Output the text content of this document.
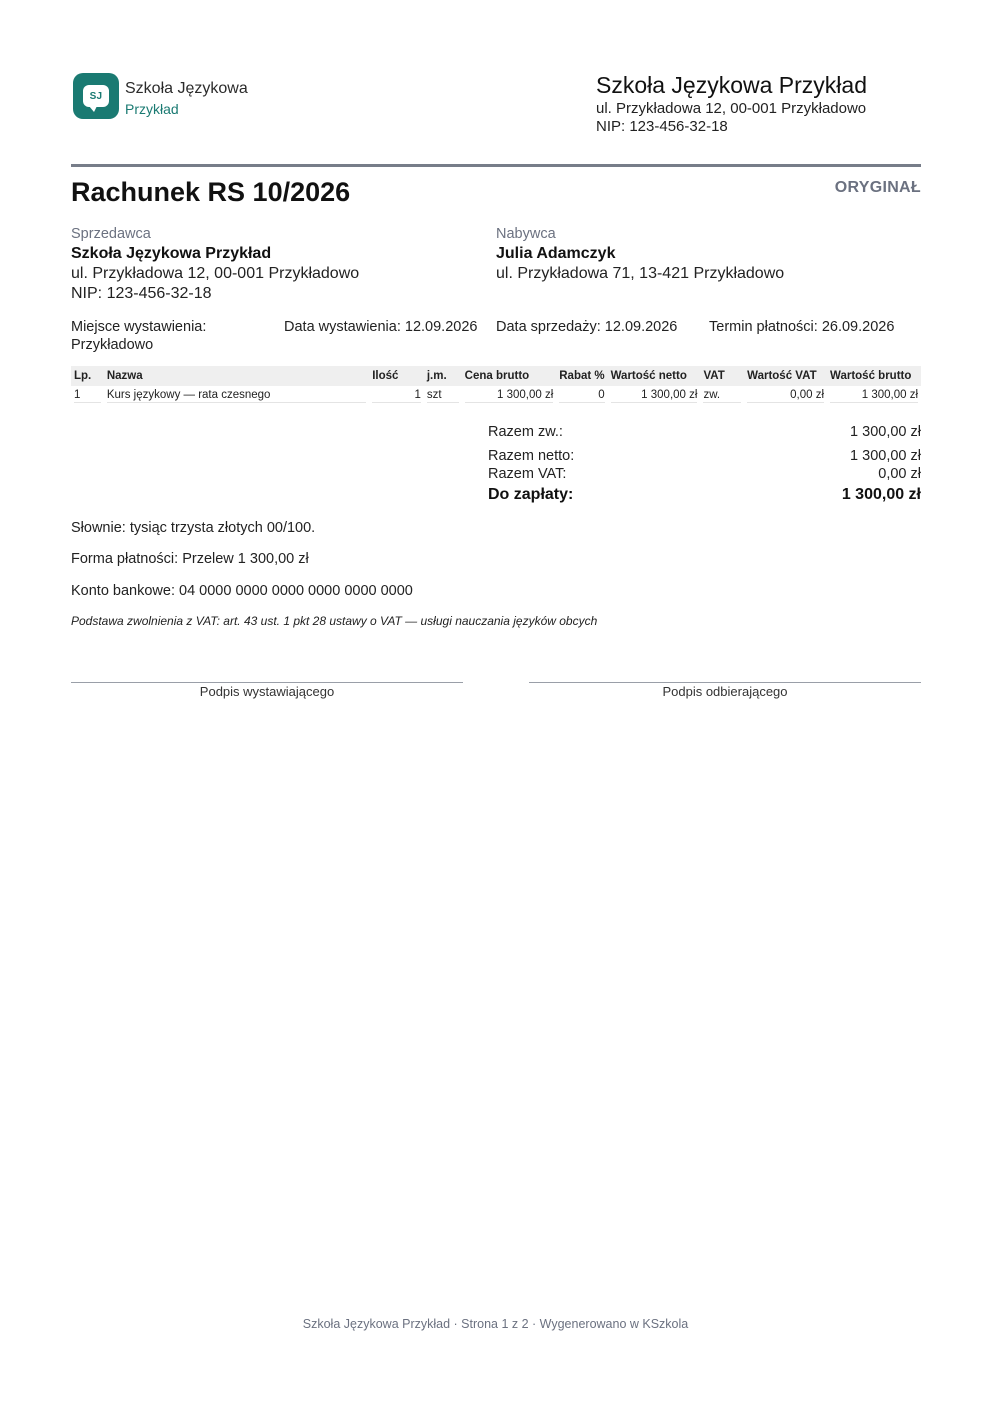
SJ Szkoła Językowa
Przykład
Szkoła Językowa Przykład
ul. Przykładowa 12, 00-001 Przykładowo
NIP: 123-456-32-18
Rachunek RS 10/2026	ORYGINAŁ
Sprzedawca
Szkoła Językowa Przykład
ul. Przykładowa 12, 00-001 Przykładowo
NIP: 123-456-32-18
Nabywca
Julia Adamczyk
ul. Przykładowa 71, 13-421 Przykładowo
Miejsce wystawienia: Przykładowo
Data wystawienia: 12.09.2026 Data sprzedaży: 12.09.2026 Termin płatności: 26.09.2026
Lp.	Nazwa	Ilość	j.m.	Cena brutto	Rabat %	Wartość netto	VAT	Wartość VAT	Wartość brutto

1	Kurs językowy — rata czesnego	1	szt	1 300,00 zł	0	1 300,00 zł	zw.	0,00 zł	1 300,00 zł
Razem zw.:	1 300,00 zł
Razem netto:	1 300,00 zł
Razem VAT:	0,00 zł
Do zapłaty:	1 300,00 zł
Słownie: tysiąc trzysta złotych 00/100.
Forma płatności: Przelew 1 300,00 zł
Konto bankowe: 04 0000 0000 0000 0000 0000 0000
Podstawa zwolnienia z VAT: art. 43 ust. 1 pkt 28 ustawy o VAT — usługi nauczania języków obcych
Podpis wystawiającego	Podpis odbierającego
Szkoła Językowa Przykład · Strona 1 z 2 · Wygenerowano w KSzkola
